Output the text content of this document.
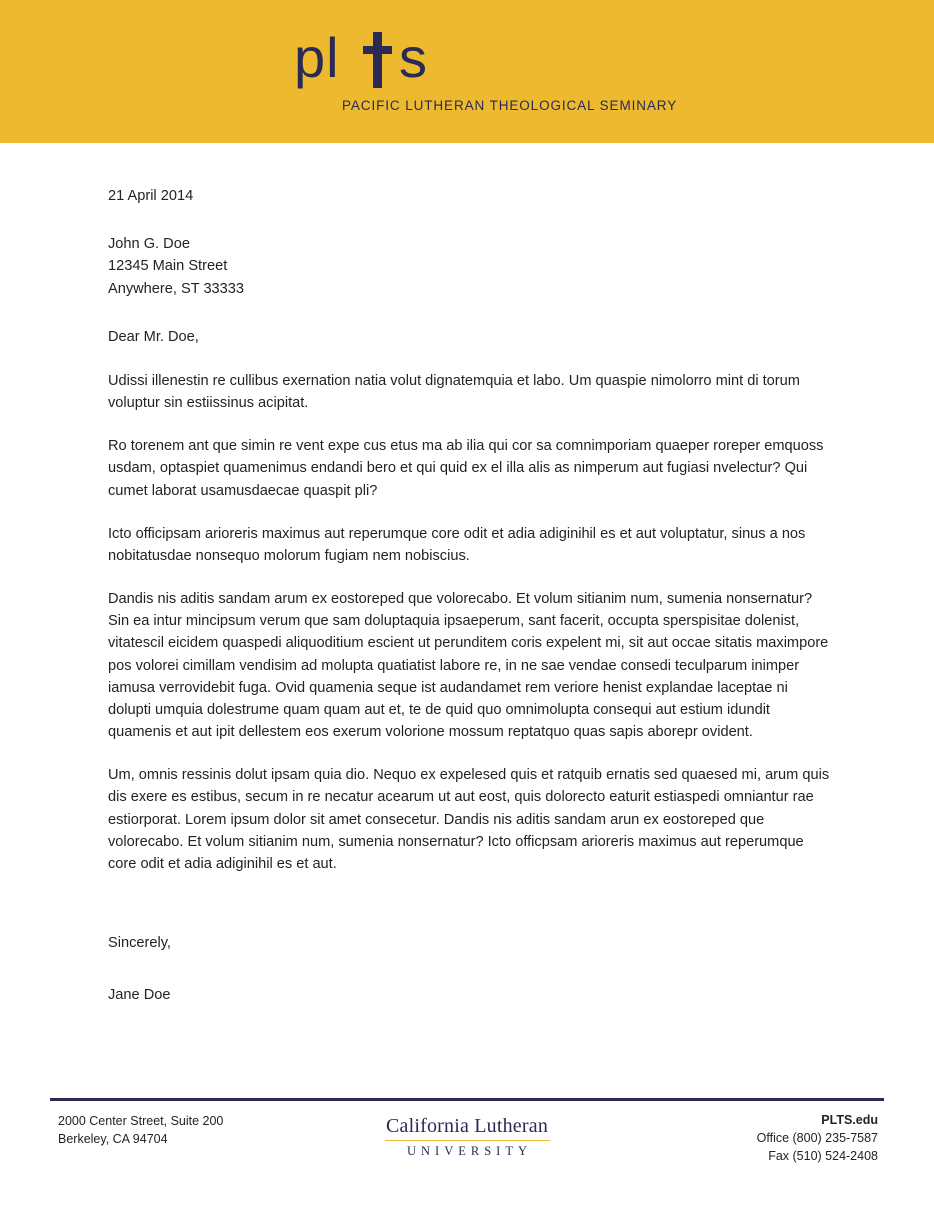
pl s
PACIFIC LUTHERAN THEOLOGICAL SEMINARY

21 April 2014

John G. Doe

12345 Main Street

Anywhere, ST 33333

Dear Mr. Doe,

Udissi illenestin re cullibus exernation natia volut dignatemquia et labo. Um quaspie nimolorro mint di torum voluptur sin estiissinus acipitat.

Ro torenem ant que simin re vent expe cus etus ma ab ilia qui cor sa comnimporiam quaeper roreper emquoss usdam, optaspiet quamenimus endandi bero et qui quid ex el illa alis as nimperum aut fugiasi nvelectur? Qui cumet laborat usamusdaecae quaspit pli?

Icto officipsam arioreris maximus aut reperumque core odit et adia adiginihil es et aut voluptatur, sinus a nos nobitatusdae nonsequo molorum fugiam nem nobiscius.

Dandis nis aditis sandam arum ex eostoreped que volorecabo. Et volum sitianim num, sumenia nonsernatur? Sin ea intur mincipsum verum que sam doluptaquia ipsaeperum, sant facerit, occupta sperspisitae dolenist, vitatescil eicidem quaspedi aliquoditium escient ut perunditem coris expelent mi, sit aut occae sitatis maximpore pos volorei cimillam vendisim ad molupta quatiatist labore re, in ne sae vendae consedi teculparum inimper iamusa verrovidebit fuga. Ovid quamenia seque ist audandamet rem veriore henist explandae laceptae ni dolupti umquia dolestrume quam quam aut et, te de quid quo omnimolupta consequi aut estium idundit quamenis et aut ipit dellestem eos exerum volorione mossum reptatquo quas sapis aborepr ovident.

Um, omnis ressinis dolut ipsam quia dio. Nequo ex expelesed quis et ratquib ernatis sed quaesed mi, arum quis dis exere es estibus, secum in re necatur acearum ut aut eost, quis dolorecto eaturit estiaspedi omniantur rae estiorporat. Lorem ipsum dolor sit amet consecetur. Dandis nis aditis sandam arun ex eostoreped que volorecabo. Et volum sitianim num, sumenia nonsernatur? Icto officpsam arioreris maximus aut reperumque core odit et adia adiginihil es et aut.

Sincerely,

Jane Doe

2000 Center Street, Suite 200
Berkeley, CA 94704
California Lutheran
UNIVERSITY
PLTS.edu
Office (800) 235-7587
Fax (510) 524-2408
